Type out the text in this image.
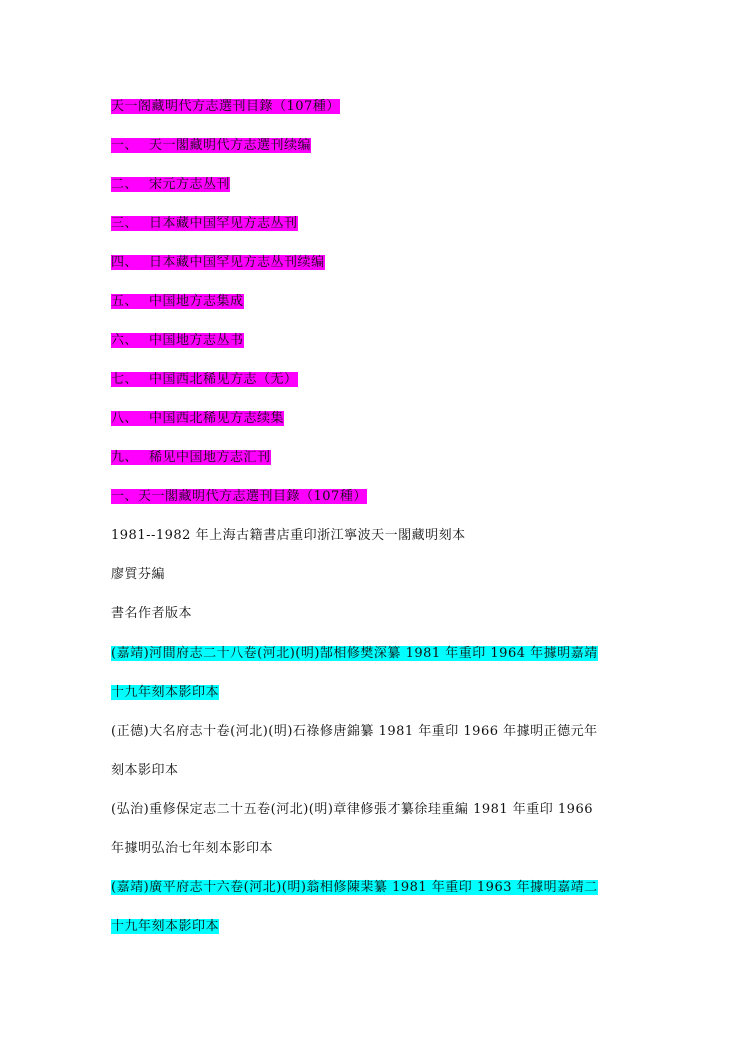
天一阁藏明代方志選刊目錄（107種）
一、 天一閣藏明代方志選刊续编
二、 宋元方志丛刊
三、 日本藏中国罕见方志丛刊
四、 日本藏中国罕见方志丛刊续编
五、 中国地方志集成
六、 中国地方志丛书
七、 中国西北稀见方志（无）
八、 中国西北稀见方志续集
九、 稀见中国地方志汇刊
一、天一閣藏明代方志選刊目錄（107種）
1981--1982 年上海古籍書店重印浙江寧波天一閣藏明刻本
廖質芬編
書名作者版本
(嘉靖)河間府志二十八卷(河北)(明)郜相修樊深纂 1981 年重印 1964 年據明嘉靖
十九年刻本影印本
(正德)大名府志十卷(河北)(明)石祿修唐錦纂 1981 年重印 1966 年據明正德元年
刻本影印本
(弘治)重修保定志二十五卷(河北)(明)章律修張才纂徐珪重編 1981 年重印 1966
年據明弘治七年刻本影印本
(嘉靖)廣平府志十六卷(河北)(明)翁相修陳棐纂 1981 年重印 1963 年據明嘉靖二
十九年刻本影印本
